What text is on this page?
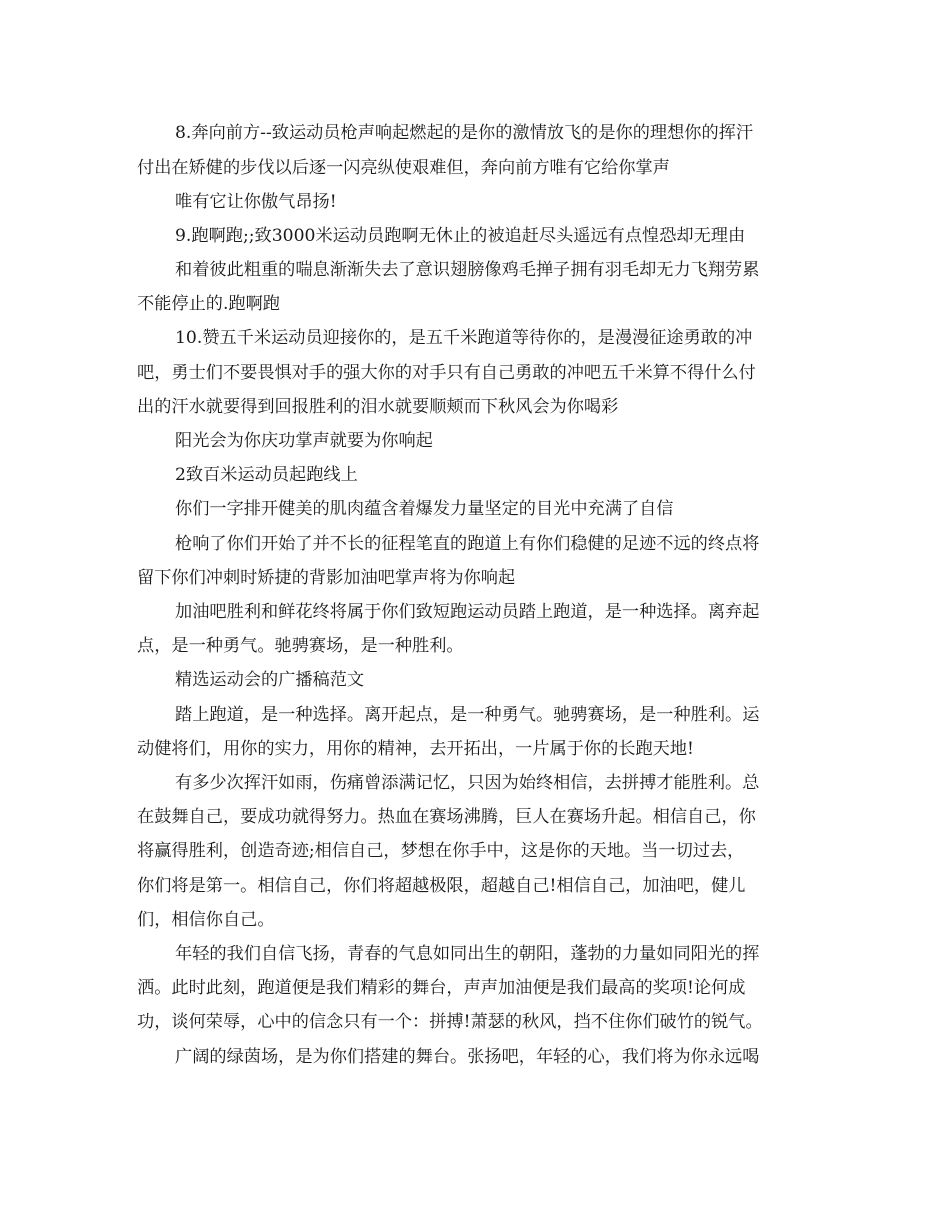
8.奔向前方--致运动员枪声响起燃起的是你的激情放飞的是你的理想你的挥汗
付出在矫健的步伐以后逐一闪亮纵使艰难但，奔向前方唯有它给你掌声
唯有它让你傲气昂扬!
9.跑啊跑;;致3000米运动员跑啊无休止的被追赶尽头遥远有点惶恐却无理由
和着彼此粗重的喘息渐渐失去了意识翅膀像鸡毛掸子拥有羽毛却无力飞翔劳累
不能停止的.跑啊跑
10.赞五千米运动员迎接你的，是五千米跑道等待你的，是漫漫征途勇敢的冲
吧，勇士们不要畏惧对手的强大你的对手只有自己勇敢的冲吧五千米算不得什么付
出的汗水就要得到回报胜利的泪水就要顺颊而下秋风会为你喝彩
阳光会为你庆功掌声就要为你响起
2致百米运动员起跑线上
你们一字排开健美的肌肉蕴含着爆发力量坚定的目光中充满了自信
枪响了你们开始了并不长的征程笔直的跑道上有你们稳健的足迹不远的终点将
留下你们冲刺时矫捷的背影加油吧掌声将为你响起
加油吧胜利和鲜花终将属于你们致短跑运动员踏上跑道，是一种选择。离弃起
点，是一种勇气。驰骋赛场，是一种胜利。
精选运动会的广播稿范文
踏上跑道，是一种选择。离开起点，是一种勇气。驰骋赛场，是一种胜利。运
动健将们，用你的实力，用你的精神，去开拓出，一片属于你的长跑天地!
有多少次挥汗如雨，伤痛曾添满记忆，只因为始终相信，去拼搏才能胜利。总
在鼓舞自己，要成功就得努力。热血在赛场沸腾，巨人在赛场升起。相信自己，你
将赢得胜利，创造奇迹;相信自己，梦想在你手中，这是你的天地。当一切过去，
你们将是第一。相信自己，你们将超越极限，超越自己!相信自己，加油吧，健儿
们，相信你自己。
年轻的我们自信飞扬，青春的气息如同出生的朝阳，蓬勃的力量如同阳光的挥
洒。此时此刻，跑道便是我们精彩的舞台，声声加油便是我们最高的奖项!论何成
功，谈何荣辱，心中的信念只有一个：拼搏!萧瑟的秋风，挡不住你们破竹的锐气。
广阔的绿茵场，是为你们搭建的舞台。张扬吧，年轻的心，我们将为你永远喝
